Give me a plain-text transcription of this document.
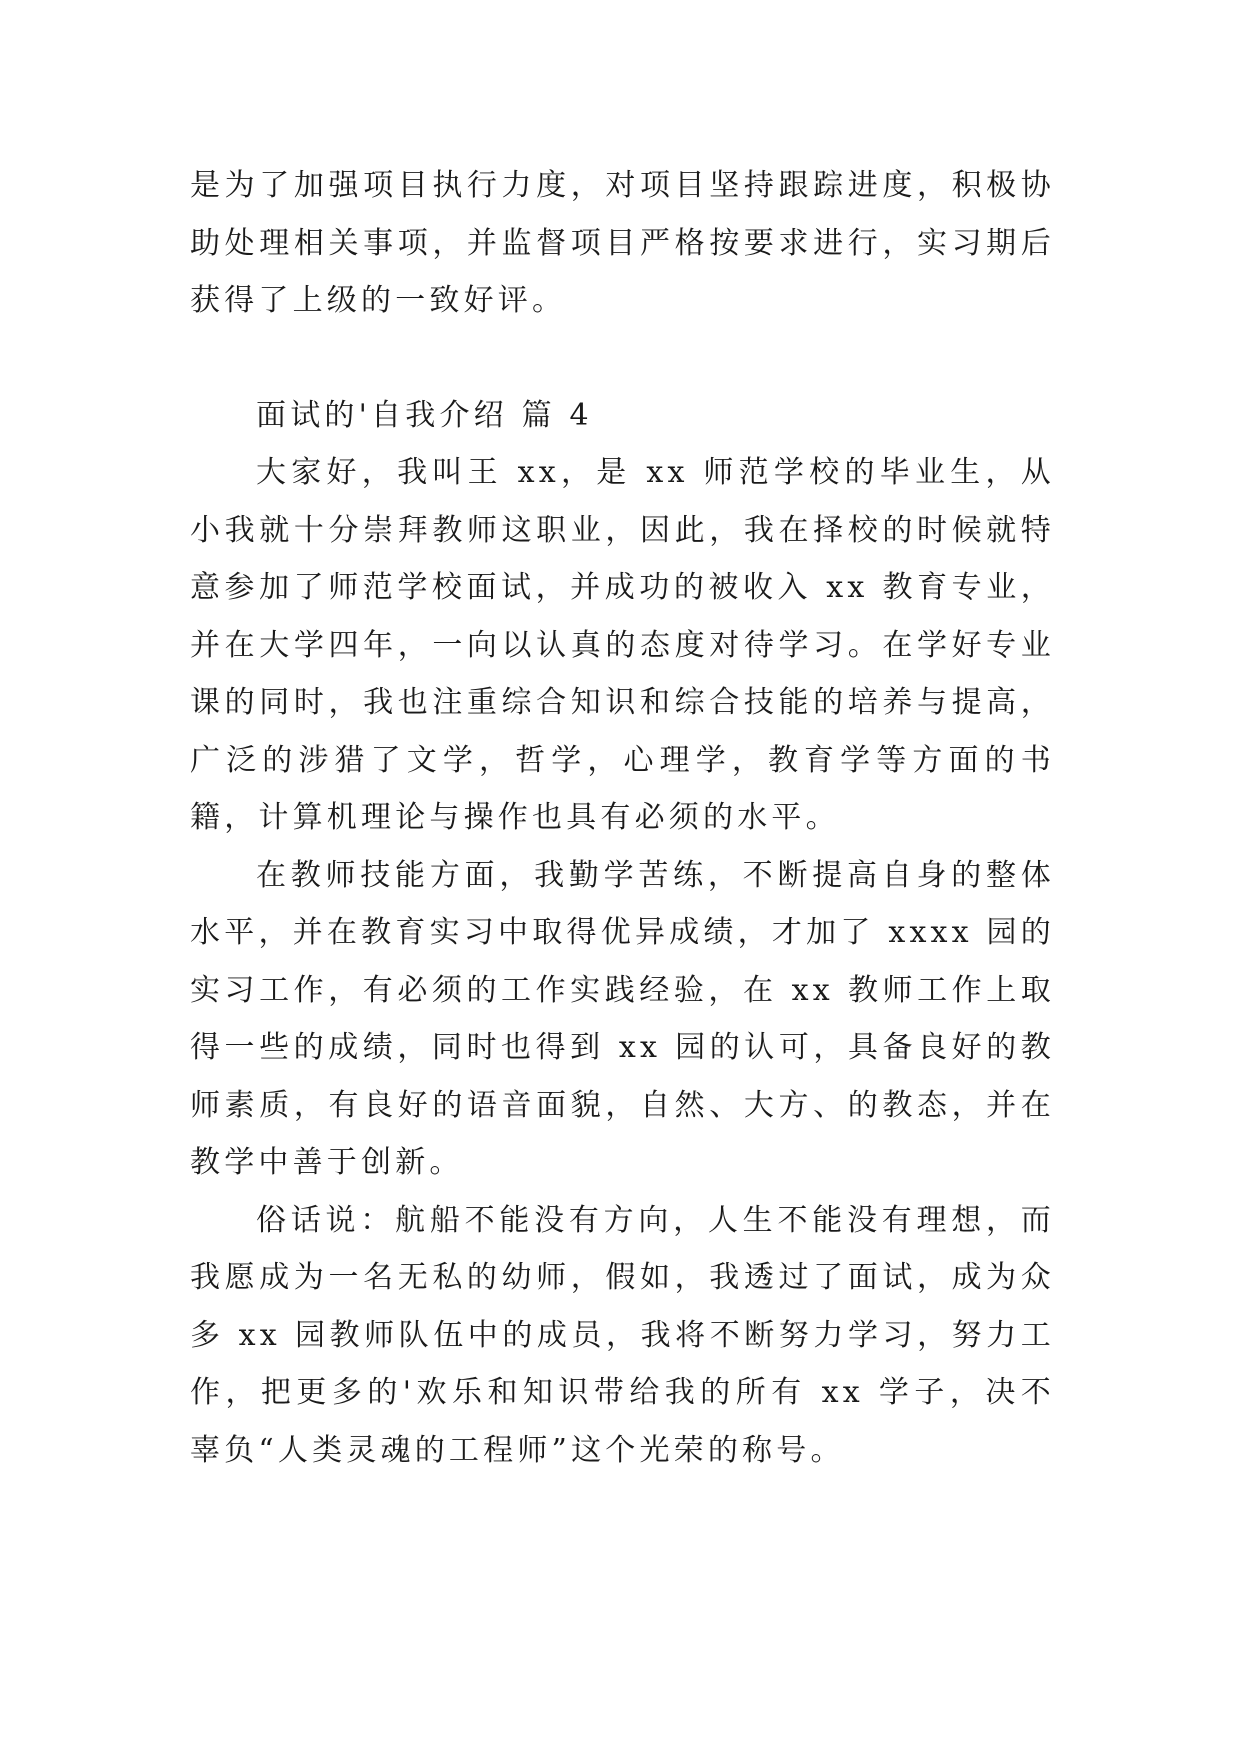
是为了加强项目执行力度，对项目坚持跟踪进度，积极协助处理相关事项，并监督项目严格按要求进行，实习期后获得了上级的一致好评。

面试的'自我介绍 篇 4

大家好，我叫王 xx，是 xx 师范学校的毕业生，从小我就十分崇拜教师这职业，因此，我在择校的时候就特意参加了师范学校面试，并成功的被收入 xx 教育专业，并在大学四年，一向以认真的态度对待学习。在学好专业课的同时，我也注重综合知识和综合技能的培养与提高，广泛的涉猎了文学，哲学，心理学，教育学等方面的书籍，计算机理论与操作也具有必须的水平。

在教师技能方面，我勤学苦练，不断提高自身的整体水平，并在教育实习中取得优异成绩，才加了 xxxx 园的实习工作，有必须的工作实践经验，在 xx 教师工作上取得一些的成绩，同时也得到 xx 园的认可，具备良好的教师素质，有良好的语音面貌，自然、大方、的教态，并在教学中善于创新。

俗话说：航船不能没有方向，人生不能没有理想，而我愿成为一名无私的幼师，假如，我透过了面试，成为众多 xx 园教师队伍中的成员，我将不断努力学习，努力工作，把更多的'欢乐和知识带给我的所有 xx 学子，决不辜负“人类灵魂的工程师”这个光荣的称号。
